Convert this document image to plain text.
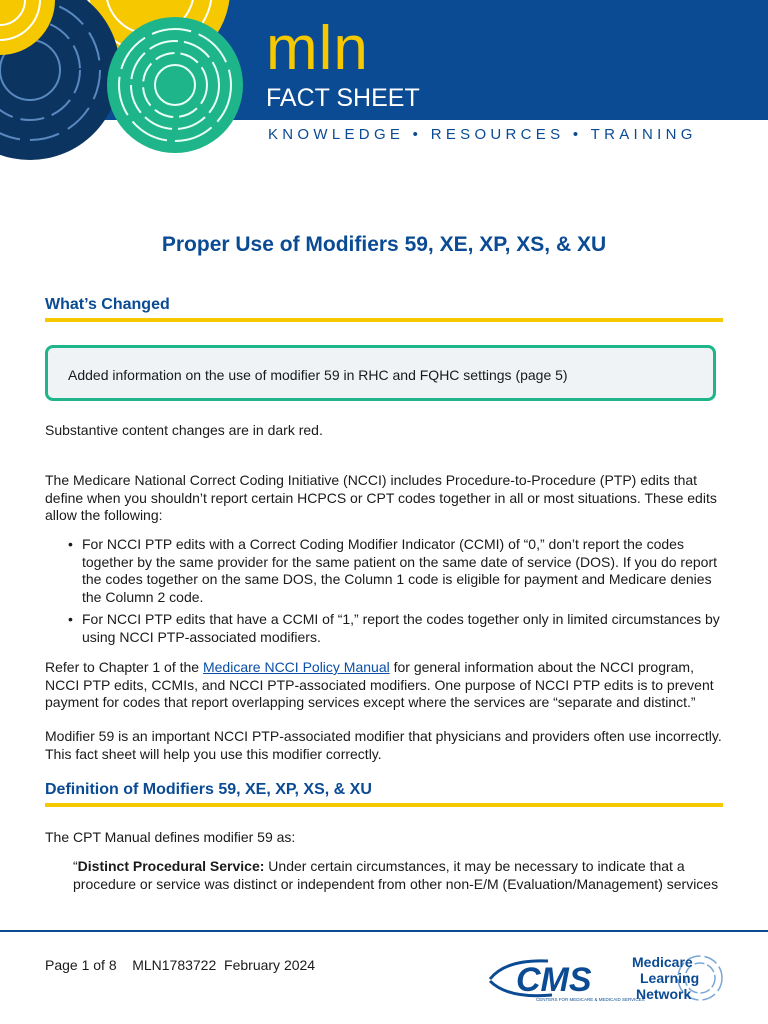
mln
FACT SHEET
KNOWLEDGE • RESOURCES • TRAINING
Proper Use of Modifiers 59, XE, XP, XS, & XU
What’s Changed
Added information on the use of modifier 59 in RHC and FQHC settings (page 5)
Substantive content changes are in dark red.
The Medicare National Correct Coding Initiative (NCCI) includes Procedure-to-Procedure (PTP) edits that define when you shouldn’t report certain HCPCS or CPT codes together in all or most situations. These edits allow the following:
• For NCCI PTP edits with a Correct Coding Modifier Indicator (CCMI) of “0,” don’t report the codes together by the same provider for the same patient on the same date of service (DOS). If you do report the codes together on the same DOS, the Column 1 code is eligible for payment and Medicare denies the Column 2 code.
• For NCCI PTP edits that have a CCMI of “1,” report the codes together only in limited circumstances by using NCCI PTP-associated modifiers.
Refer to Chapter 1 of the Medicare NCCI Policy Manual for general information about the NCCI program, NCCI PTP edits, CCMIs, and NCCI PTP-associated modifiers. One purpose of NCCI PTP edits is to prevent payment for codes that report overlapping services except where the services are “separate and distinct.”
Modifier 59 is an important NCCI PTP-associated modifier that physicians and providers often use incorrectly. This fact sheet will help you use this modifier correctly.
Definition of Modifiers 59, XE, XP, XS, & XU
The CPT Manual defines modifier 59 as:
“Distinct Procedural Service: Under certain circumstances, it may be necessary to indicate that a procedure or service was distinct or independent from other non-E/M (Evaluation/Management) services
Page 1 of 8 MLN1783722 February 2024	CMS
CENTERS FOR MEDICARE & MEDICAID SERVICES
Medicare
Learning
Network
